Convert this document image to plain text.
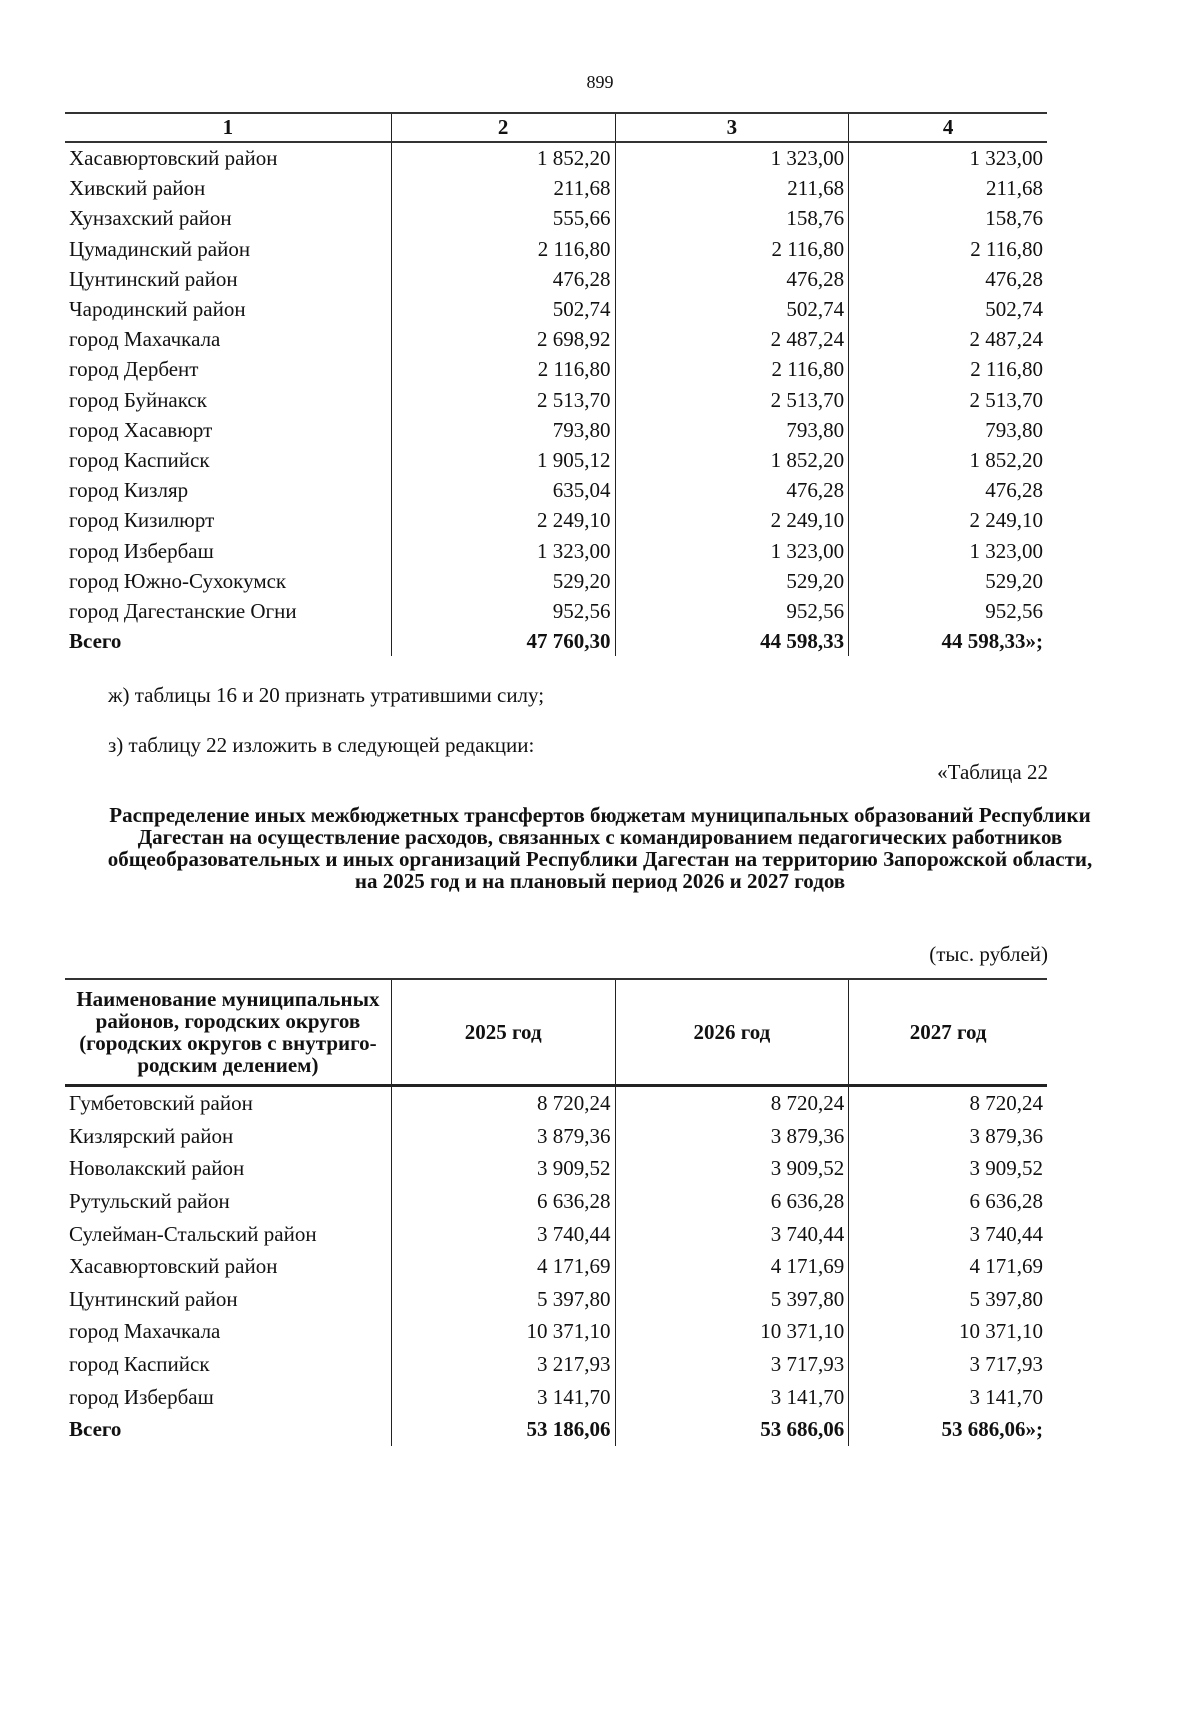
899
1	2	3	4
Хасавюртовский район	1 852,20	1 323,00	1 323,00
Хивский район	211,68	211,68	211,68
Хунзахский район	555,66	158,76	158,76
Цумадинский район	2 116,80	2 116,80	2 116,80
Цунтинский район	476,28	476,28	476,28
Чародинский район	502,74	502,74	502,74
город Махачкала	2 698,92	2 487,24	2 487,24
город Дербент	2 116,80	2 116,80	2 116,80
город Буйнакск	2 513,70	2 513,70	2 513,70
город Хасавюрт	793,80	793,80	793,80
город Каспийск	1 905,12	1 852,20	1 852,20
город Кизляр	635,04	476,28	476,28
город Кизилюрт	2 249,10	2 249,10	2 249,10
город Избербаш	1 323,00	1 323,00	1 323,00
город Южно-Сухокумск	529,20	529,20	529,20
город Дагестанские Огни	952,56	952,56	952,56
Всего	47 760,30	44 598,33	44 598,33»;
ж) таблицы 16 и 20 признать утратившими силу;
з) таблицу 22 изложить в следующей редакции:
«Таблица 22
Распределение иных межбюджетных трансфертов бюджетам муниципальных образований Республики Дагестан на осуществление расходов, связанных с командированием педагогических работников общеобразовательных и иных организаций Республики Дагестан на территорию Запорожской области, на 2025 год и на плановый период 2026 и 2027 годов
(тыс. рублей)
Наименование муниципальных районов, городских округов (городских округов с внутриго-родским делением)	2025 год	2026 год	2027 год
Гумбетовский район	8 720,24	8 720,24	8 720,24
Кизлярский район	3 879,36	3 879,36	3 879,36
Новолакский район	3 909,52	3 909,52	3 909,52
Рутульский район	6 636,28	6 636,28	6 636,28
Сулейман-Стальский район	3 740,44	3 740,44	3 740,44
Хасавюртовский район	4 171,69	4 171,69	4 171,69
Цунтинский район	5 397,80	5 397,80	5 397,80
город Махачкала	10 371,10	10 371,10	10 371,10
город Каспийск	3 217,93	3 717,93	3 717,93
город Избербаш	3 141,70	3 141,70	3 141,70
Всего	53 186,06	53 686,06	53 686,06»;
